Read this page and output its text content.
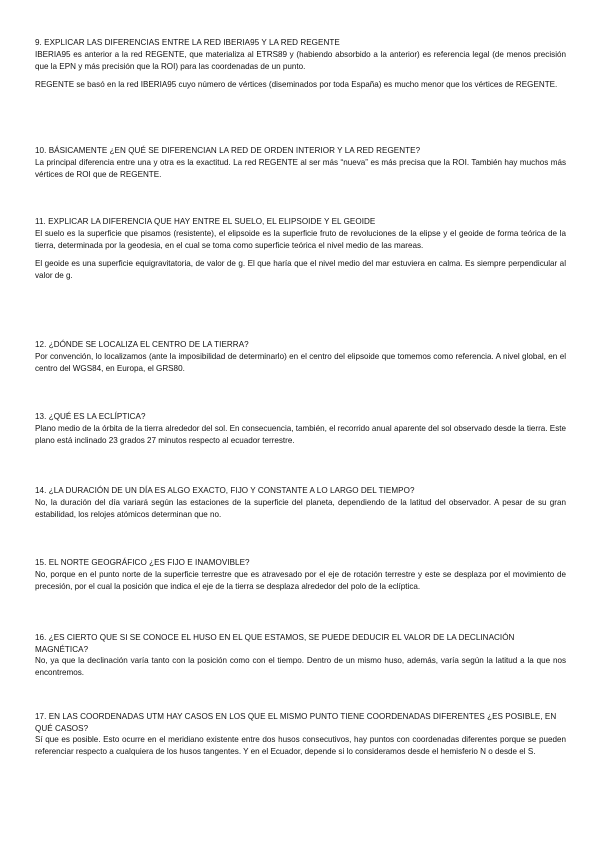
9. EXPLICAR LAS DIFERENCIAS ENTRE LA RED IBERIA95 Y LA RED REGENTE

IBERIA95 es anterior a la red REGENTE, que materializa al ETRS89 y (habiendo absorbido a la anterior) es referencia legal (de menos precisión que la EPN y más precisión que la ROI) para las coordenadas de un punto.

REGENTE se basó en la red IBERIA95 cuyo número de vértices (diseminados por toda España) es mucho menor que los vértices de REGENTE.

10. BÁSICAMENTE ¿EN QUÉ SE DIFERENCIAN LA RED DE ORDEN INTERIOR Y LA RED REGENTE?

La principal diferencia entre una y otra es la exactitud. La red REGENTE al ser más “nueva” es más precisa que la ROI. También hay muchos más vértices de ROI que de REGENTE.

11. EXPLICAR LA DIFERENCIA QUE HAY ENTRE EL SUELO, EL ELIPSOIDE Y EL GEOIDE

El suelo es la superficie que pisamos (resistente), el elipsoide es la superficie fruto de revoluciones de la elipse y el geoide de forma teórica de la tierra, determinada por la geodesia, en el cual se toma como superficie teórica el nivel medio de las mareas.

El geoide es una superficie equigravitatoria, de valor de g. El que haría que el nivel medio del mar estuviera en calma. Es siempre perpendicular al valor de g.

12. ¿DÓNDE SE LOCALIZA EL CENTRO DE LA TIERRA?

Por convención, lo localizamos (ante la imposibilidad de determinarlo) en el centro del elipsoide que tomemos como referencia. A nivel global, en el centro del WGS84, en Europa, el GRS80.

13. ¿QUÉ ES LA ECLÍPTICA?

Plano medio de la órbita de la tierra alrededor del sol. En consecuencia, también, el recorrido anual aparente del sol observado desde la tierra. Este plano está inclinado 23 grados 27 minutos respecto al ecuador terrestre.

14. ¿LA DURACIÓN DE UN DÍA ES ALGO EXACTO, FIJO Y CONSTANTE A LO LARGO DEL TIEMPO?

No, la duración del día variará según las estaciones de la superficie del planeta, dependiendo de la latitud del observador. A pesar de su gran estabilidad, los relojes atómicos determinan que no.

15. EL NORTE GEOGRÁFICO ¿ES FIJO E INAMOVIBLE?

No, porque en el punto norte de la superficie terrestre que es atravesado por el eje de rotación terrestre y este se desplaza por el movimiento de precesión, por el cual la posición que indica el eje de la tierra se desplaza alrededor del polo de la eclíptica.

16. ¿ES CIERTO QUE SI SE CONOCE EL HUSO EN EL QUE ESTAMOS, SE PUEDE DEDUCIR EL VALOR DE LA DECLINACIÓN MAGNÉTICA?

No, ya que la declinación varía tanto con la posición como con el tiempo. Dentro de un mismo huso, además, varía según la latitud a la que nos encontremos.

17. EN LAS COORDENADAS UTM HAY CASOS EN LOS QUE EL MISMO PUNTO TIENE COORDENADAS DIFERENTES ¿ES POSIBLE, EN QUÉ CASOS?

Sí que es posible. Esto ocurre en el meridiano existente entre dos husos consecutivos, hay puntos con coordenadas diferentes porque se pueden referenciar respecto a cualquiera de los husos tangentes. Y en el Ecuador, depende si lo consideramos desde el hemisferio N o desde el S.
